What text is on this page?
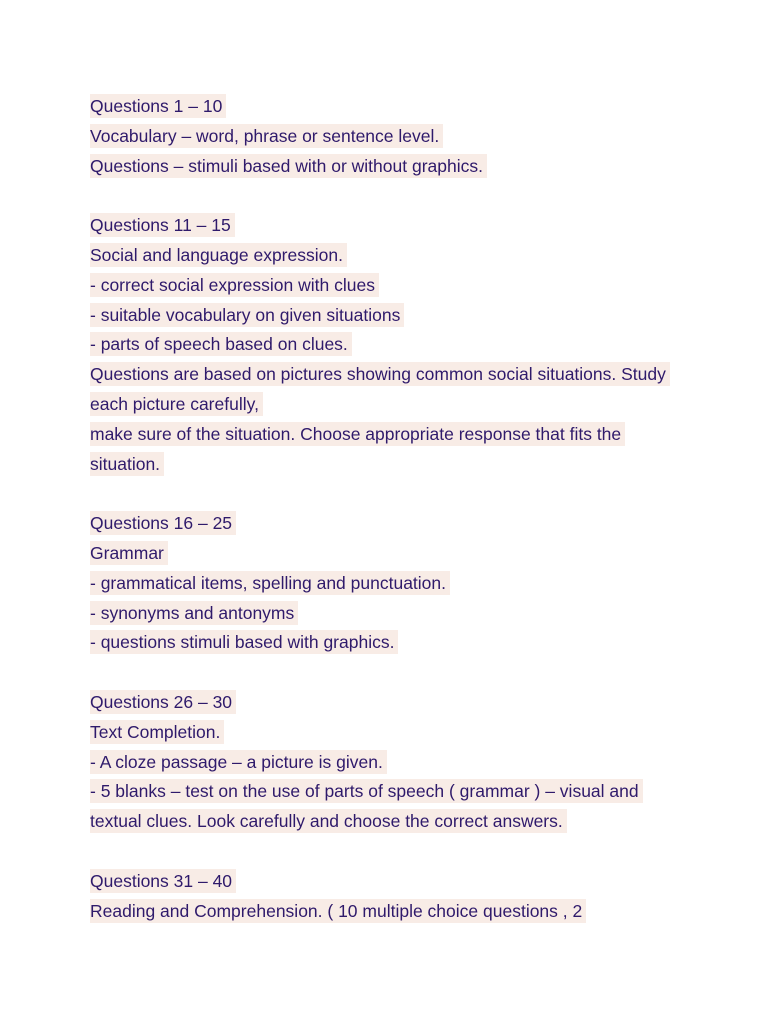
Questions 1 – 10
Vocabulary – word, phrase or sentence level.
Questions – stimuli based with or without graphics.
Questions 11 – 15
Social and language expression.
- correct social expression with clues
- suitable vocabulary on given situations
- parts of speech based on clues.
Questions are based on pictures showing common social situations. Study
each picture carefully,
make sure of the situation. Choose appropriate response that fits the
situation.
Questions 16 – 25
Grammar
- grammatical items, spelling and punctuation.
- synonyms and antonyms
- questions stimuli based with graphics.
Questions 26 – 30
Text Completion.
- A cloze passage – a picture is given.
- 5 blanks – test on the use of parts of speech ( grammar ) – visual and
textual clues. Look carefully and choose the correct answers.
Questions 31 – 40
Reading and Comprehension. ( 10 multiple choice questions , 2
